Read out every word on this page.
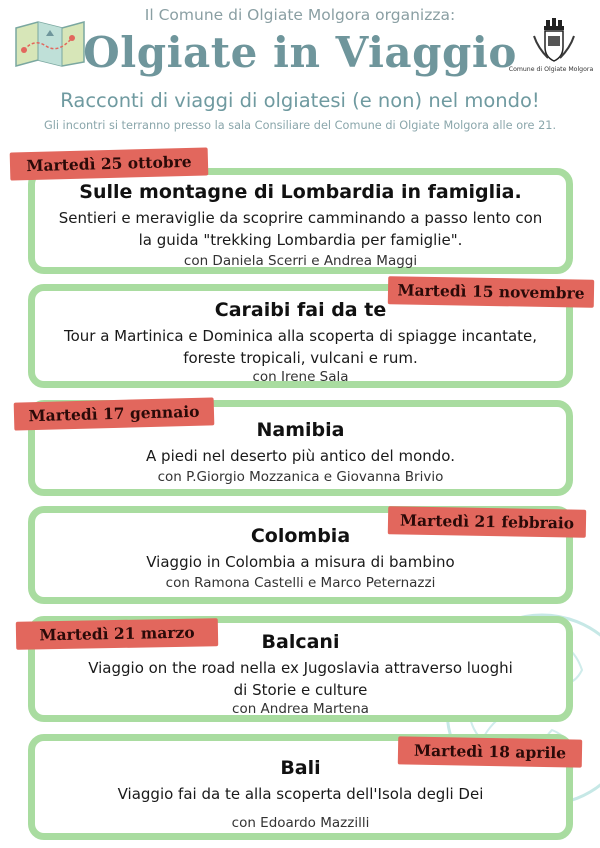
Il Comune di Olgiate Molgora organizza:
Olgiate in Viaggio
Racconti di viaggi di olgiatesi (e non) nel mondo!
Gli incontri si terranno presso la sala Consiliare del Comune di Olgiate Molgora alle ore 21.
Comune di Olgiate Molgora
Sulle montagne di Lombardia in famiglia.
Sentieri e meraviglie da scoprire camminando a passo lento con
la guida "trekking Lombardia per famiglie".
con Daniela Scerri e Andrea Maggi
Martedì 25 ottobre
Caraibi fai da te
Tour a Martinica e Dominica alla scoperta di spiagge incantate,
foreste tropicali, vulcani e rum.
con Irene Sala
Martedì 15 novembre
Namibia
A piedi nel deserto più antico del mondo.
con P.Giorgio Mozzanica e Giovanna Brivio
Martedì 17 gennaio
Colombia
Viaggio in Colombia a misura di bambino
con Ramona Castelli e Marco Peternazzi
Martedì 21 febbraio
Balcani
Viaggio on the road nella ex Jugoslavia attraverso luoghi
di Storie e culture
con Andrea Martena
Martedì 21 marzo
Bali
Viaggio fai da te alla scoperta dell'Isola degli Dei
con Edoardo Mazzilli
Martedì 18 aprile
